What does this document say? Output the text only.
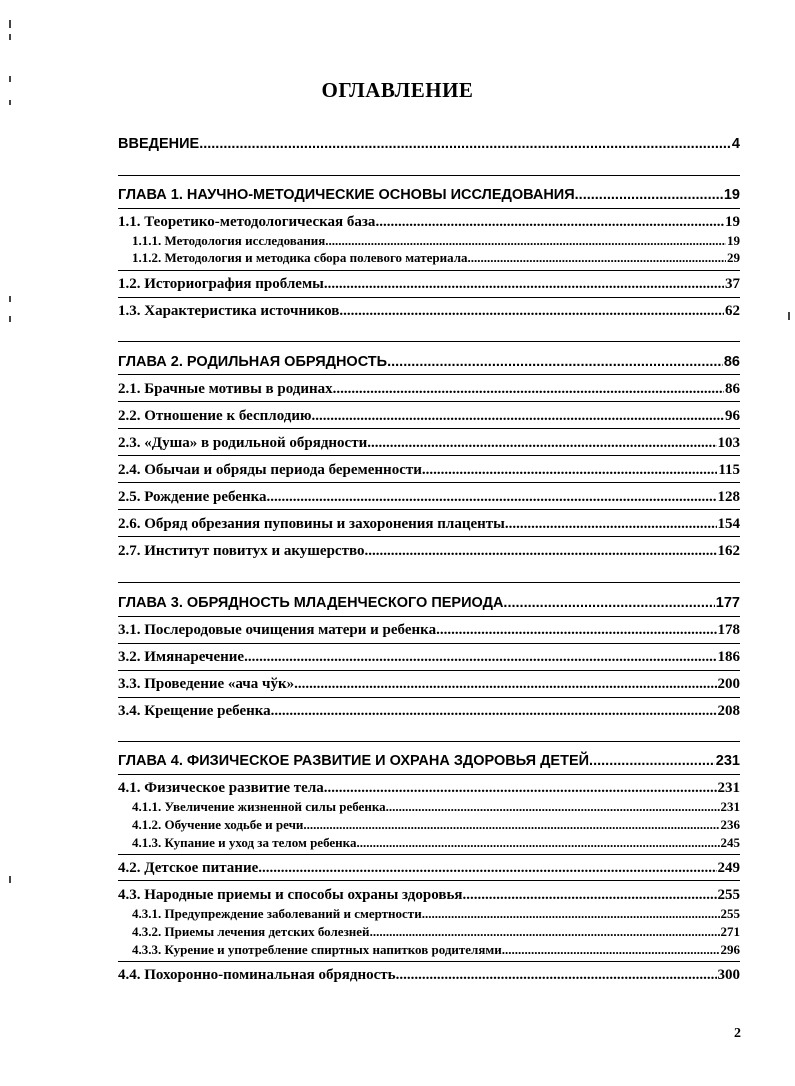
ОГЛАВЛЕНИЕ
ВВЕДЕНИЕ .....	4
ГЛАВА 1. НАУЧНО-МЕТОДИЧЕСКИЕ ОСНОВЫ ИССЛЕДОВАНИЯ .....	19
1.1. Теоретико-методологическая база .....	19
1.1.1. Методология исследования .....	19
1.1.2. Методология и методика сбора полевого материала .....	29
1.2. Историография проблемы .....	37
1.3. Характеристика источников .....	62
ГЛАВА 2. РОДИЛЬНАЯ ОБРЯДНОСТЬ .....	86
2.1. Брачные мотивы в родинах .....	86
2.2. Отношение к бесплодию .....	96
2.3. «Душа» в родильной обрядности .....	103
2.4. Обычаи и обряды периода беременности .....	115
2.5. Рождение ребенка .....	128
2.6. Обряд обрезания пуповины и захоронения плаценты .....	154
2.7. Институт повитух и акушерство .....	162
ГЛАВА 3. ОБРЯДНОСТЬ МЛАДЕНЧЕСКОГО ПЕРИОДА .....	177
3.1. Послеродовые очищения матери и ребенка .....	178
3.2. Имянаречение .....	186
3.3. Проведение «ача чўк» .....	200
3.4. Крещение ребенка .....	208
ГЛАВА 4. ФИЗИЧЕСКОЕ РАЗВИТИЕ И ОХРАНА ЗДОРОВЬЯ ДЕТЕЙ .....	231
4.1. Физическое развитие тела .....	231
4.1.1. Увеличение жизненной силы ребенка .....	231
4.1.2. Обучение ходьбе и речи .....	236
4.1.3. Купание и уход за телом ребенка .....	245
4.2. Детское питание .....	249
4.3. Народные приемы и способы охраны здоровья .....	255
4.3.1. Предупреждение заболеваний и смертности .....	255
4.3.2. Приемы лечения детских болезней .....	271
4.3.3. Курение и употребление спиртных напитков родителями .....	296
4.4. Похоронно-поминальная обрядность .....	300
2
